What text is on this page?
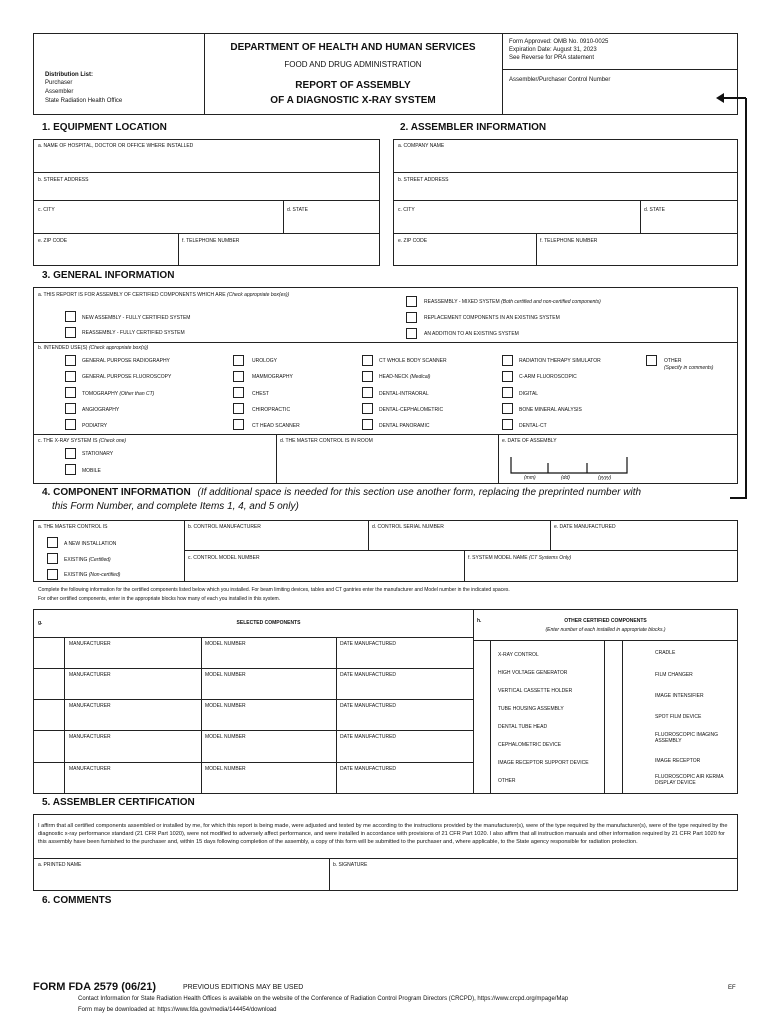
Distribution List:
Purchaser
Assembler
State Radiation Health Office
DEPARTMENT OF HEALTH AND HUMAN SERVICES
FOOD AND DRUG ADMINISTRATION
REPORT OF ASSEMBLY
OF A DIAGNOSTIC X-RAY SYSTEM
Form Approved: OMB No. 0910-0025
Expiration Date: August 31, 2023
See Reverse for PRA statement
Assembler/Purchaser Control Number
1. EQUIPMENT LOCATION	2. ASSEMBLER INFORMATION
a. NAME OF HOSPITAL, DOCTOR OR OFFICE WHERE INSTALLED
b. STREET ADDRESS
c. CITY	d. STATE
e. ZIP CODE	f. TELEPHONE NUMBER
a. COMPANY NAME
b. STREET ADDRESS
c. CITY	d. STATE
e. ZIP CODE	f. TELEPHONE NUMBER
3. GENERAL INFORMATION
a. THIS REPORT IS FOR ASSEMBLY OF CERTIFIED COMPONENTS WHICH ARE (Check appropriate box(es))
NEW ASSEMBLY - FULLY CERTIFIED SYSTEM
REASSEMBLY - FULLY CERTIFIED SYSTEM
REASSEMBLY - MIXED SYSTEM (Both certified and non-certified components)
REPLACEMENT COMPONENTS IN AN EXISTING SYSTEM
AN ADDITION TO AN EXISTING SYSTEM
b. INTENDED USE(S) (Check appropriate box(s))
GENERAL PURPOSE RADIOGRAPHY
GENERAL PURPOSE FLUOROSCOPY
TOMOGRAPHY (Other than CT)
ANGIOGRAPHY
PODIATRY
UROLOGY
MAMMOGRAPHY
CHEST
CHIROPRACTIC
CT HEAD SCANNER
CT WHOLE BODY SCANNER
HEAD-NECK (Medical)
DENTAL-INTRAORAL
DENTAL-CEPHALOMETRIC
DENTAL PANORAMIC
RADIATION THERAPY SIMULATOR
C-ARM FLUOROSCOPIC
DIGITAL
BONE MINERAL ANALYSIS
DENTAL-CT
OTHER
(Specify in comments)
c. THE X-RAY SYSTEM IS (Check one)
STATIONARY
MOBILE
d. THE MASTER CONTROL IS IN ROOM	e. DATE OF ASSEMBLY
(mm)	(dd)	(yyyy)
4. COMPONENT INFORMATION (If additional space is needed for this section use another form, replacing the preprinted number with
this Form Number, and complete Items 1, 4, and 5 only)
a. THE MASTER CONTROL IS
A NEW INSTALLATION
EXISTING (Certified)
EXISTING (Non-certified)
b. CONTROL MANUFACTURER	d. CONTROL SERIAL NUMBER	e. DATE MANUFACTURED
c. CONTROL MODEL NUMBER	f. SYSTEM MODEL NAME (CT Systems Only)
Complete the following information for the certified components listed below which you installed. For beam limiting devices, tables and CT gantries enter the manufacturer and Model number in the indicated spaces.
For other certified components, enter in the appropriate blocks how many of each you installed in this system.
g.	SELECTED COMPONENTS	h.	OTHER CERTIFIED COMPONENTS
(Enter number of each installed in appropriate blocks.)
MANUFACTURER	MODEL NUMBER	DATE MANUFACTURED
MANUFACTURER	MODEL NUMBER	DATE MANUFACTURED
MANUFACTURER	MODEL NUMBER	DATE MANUFACTURED
MANUFACTURER	MODEL NUMBER	DATE MANUFACTURED
MANUFACTURER	MODEL NUMBER	DATE MANUFACTURED
X-RAY CONTROL
HIGH VOLTAGE GENERATOR
VERTICAL CASSETTE HOLDER
TUBE HOUSING ASSEMBLY
DENTAL TUBE HEAD
CEPHALOMETRIC DEVICE
IMAGE RECEPTOR SUPPORT DEVICE
OTHER
CRADLE
FILM CHANGER
IMAGE INTENSIFIER
SPOT FILM DEVICE
FLUOROSCOPIC IMAGING ASSEMBLY
IMAGE RECEPTOR
FLUOROSCOPIC AIR KERMA DISPLAY DEVICE
5. ASSEMBLER CERTIFICATION
I affirm that all certified components assembled or installed by me, for which this report is being made, were adjusted and tested by me according to the instructions provided by the manufacturer(s), were of the type required by the manufacturer(s), were of the type required by the diagnostic x-ray performance standard (21 CFR Part 1020), were not modified to adversely affect performance, and were installed in accordance with provisions of 21 CFR Part 1020. I also affirm that all instruction manuals and other information required by 21 CFR Part 1020 for this assembly have been furnished to the purchaser and, within 15 days following completion of the assembly, a copy of this form will be submitted to the purchaser and, where applicable, to the State agency responsible for radiation protection.
a. PRINTED NAME	b. SIGNATURE
6. COMMENTS
FORM FDA 2579 (06/21)	PREVIOUS EDITIONS MAY BE USED	EF
Contact Information for State Radiation Health Offices is available on the website of the Conference of Radiation Control Program Directors (CRCPD), https://www.crcpd.org/mpage/Map
Form may be downloaded at: https://www.fda.gov/media/144454/download
